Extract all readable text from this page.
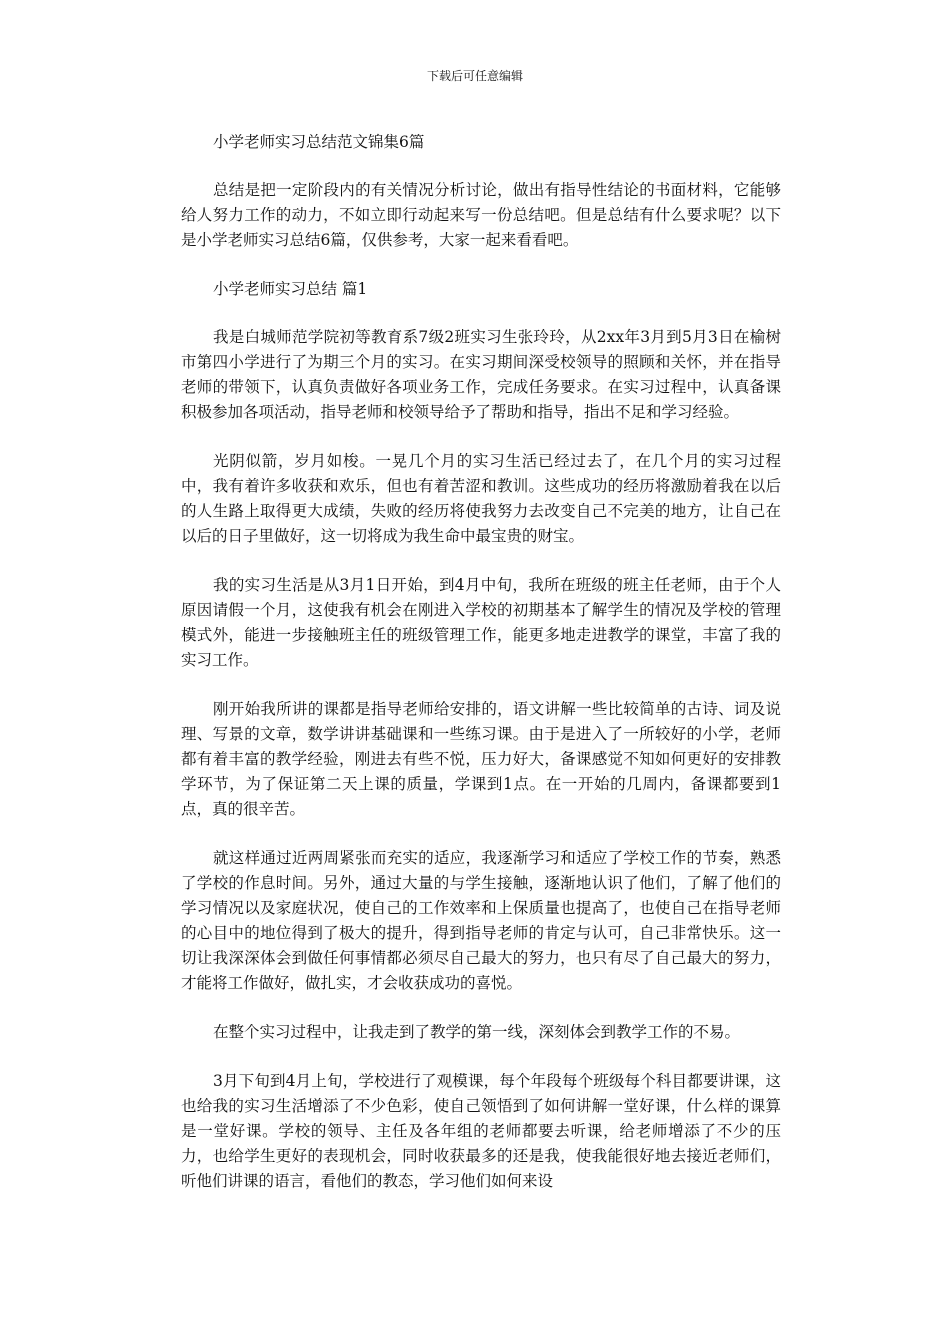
下载后可任意编辑

小学老师实习总结范文锦集6篇

总结是把一定阶段内的有关情况分析讨论，做出有指导性结论的书面材料，它能够给人努力工作的动力，不如立即行动起来写一份总结吧。但是总结有什么要求呢？以下是小学老师实习总结6篇，仅供参考，大家一起来看看吧。

小学老师实习总结 篇1

我是白城师范学院初等教育系7级2班实习生张玲玲，从2xx年3月到5月3日在榆树市第四小学进行了为期三个月的实习。在实习期间深受校领导的照顾和关怀，并在指导老师的带领下，认真负责做好各项业务工作，完成任务要求。在实习过程中，认真备课积极参加各项活动，指导老师和校领导给予了帮助和指导，指出不足和学习经验。

光阴似箭，岁月如梭。一晃几个月的实习生活已经过去了，在几个月的实习过程中，我有着许多收获和欢乐，但也有着苦涩和教训。这些成功的经历将激励着我在以后的人生路上取得更大成绩，失败的经历将使我努力去改变自己不完美的地方，让自己在以后的日子里做好，这一切将成为我生命中最宝贵的财宝。

我的实习生活是从3月1日开始，到4月中旬，我所在班级的班主任老师，由于个人原因请假一个月，这使我有机会在刚进入学校的初期基本了解学生的情况及学校的管理模式外，能进一步接触班主任的班级管理工作，能更多地走进教学的课堂，丰富了我的实习工作。

刚开始我所讲的课都是指导老师给安排的，语文讲解一些比较简单的古诗、词及说理、写景的文章，数学讲讲基础课和一些练习课。由于是进入了一所较好的小学，老师都有着丰富的教学经验，刚进去有些不悦，压力好大，备课感觉不知如何更好的安排教学环节，为了保证第二天上课的质量，学课到1点。在一开始的几周内，备课都要到1点，真的很辛苦。

就这样通过近两周紧张而充实的适应，我逐渐学习和适应了学校工作的节奏，熟悉了学校的作息时间。另外，通过大量的与学生接触，逐渐地认识了他们，了解了他们的学习情况以及家庭状况，使自己的工作效率和上保质量也提高了，也使自己在指导老师的心目中的地位得到了极大的提升，得到指导老师的肯定与认可，自己非常快乐。这一切让我深深体会到做任何事情都必须尽自己最大的努力，也只有尽了自己最大的努力，才能将工作做好，做扎实，才会收获成功的喜悦。

在整个实习过程中，让我走到了教学的第一线，深刻体会到教学工作的不易。

3月下旬到4月上旬，学校进行了观模课，每个年段每个班级每个科目都要讲课，这也给我的实习生活增添了不少色彩，使自己领悟到了如何讲解一堂好课，什么样的课算是一堂好课。学校的领导、主任及各年组的老师都要去听课，给老师增添了不少的压力，也给学生更好的表现机会，同时收获最多的还是我，使我能很好地去接近老师们，听他们讲课的语言，看他们的教态，学习他们如何来设
